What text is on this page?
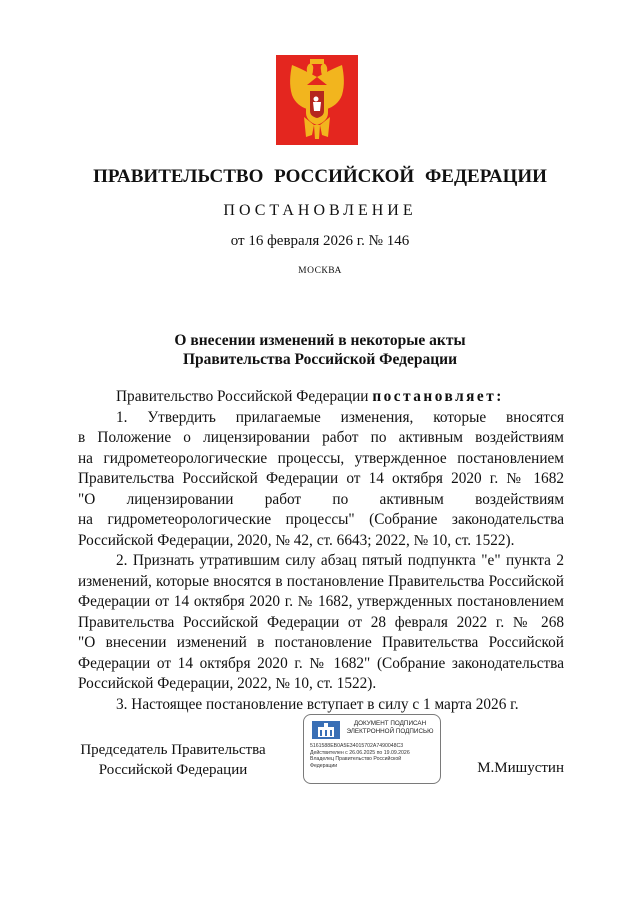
ПРАВИТЕЛЬСТВО РОССИЙСКОЙ ФЕДЕРАЦИИ
ПОСТАНОВЛЕНИЕ
от 16 февраля 2026 г. № 146
МОСКВА
О внесении изменений в некоторые акты
Правительства Российской Федерации

Правительство Российской Федерации постановляет:

1. Утвердить прилагаемые изменения, которые вносятся

в Положение о лицензировании работ по активным воздействиям

на гидрометеорологические процессы, утвержденное постановлением

Правительства Российской Федерации от 14 октября 2020 г. № 1682

"О лицензировании работ по активным воздействиям

на гидрометеорологические процессы" (Собрание законодательства

Российской Федерации, 2020, № 42, ст. 6643; 2022, № 10, ст. 1522).

2. Признать утратившим силу абзац пятый подпункта "е" пункта 2

изменений, которые вносятся в постановление Правительства Российской

Федерации от 14 октября 2020 г. № 1682, утвержденных постановлением

Правительства Российской Федерации от 28 февраля 2022 г. № 268

"О внесении изменений в постановление Правительства Российской

Федерации от 14 октября 2020 г. № 1682" (Собрание законодательства

Российской Федерации, 2022, № 10, ст. 1522).

3. Настоящее постановление вступает в силу с 1 марта 2026 г.

Председатель Правительства
Российской Федерации
ДОКУМЕНТ ПОДПИСАН
ЭЛЕКТРОННОЙ ПОДПИСЬЮ
5161588EB0A5E34015702A7490048C3
Действителен с 26.06.2025 по 19.09.2026
Владелец Правительство Российской
Федерации	М.Мишустин
